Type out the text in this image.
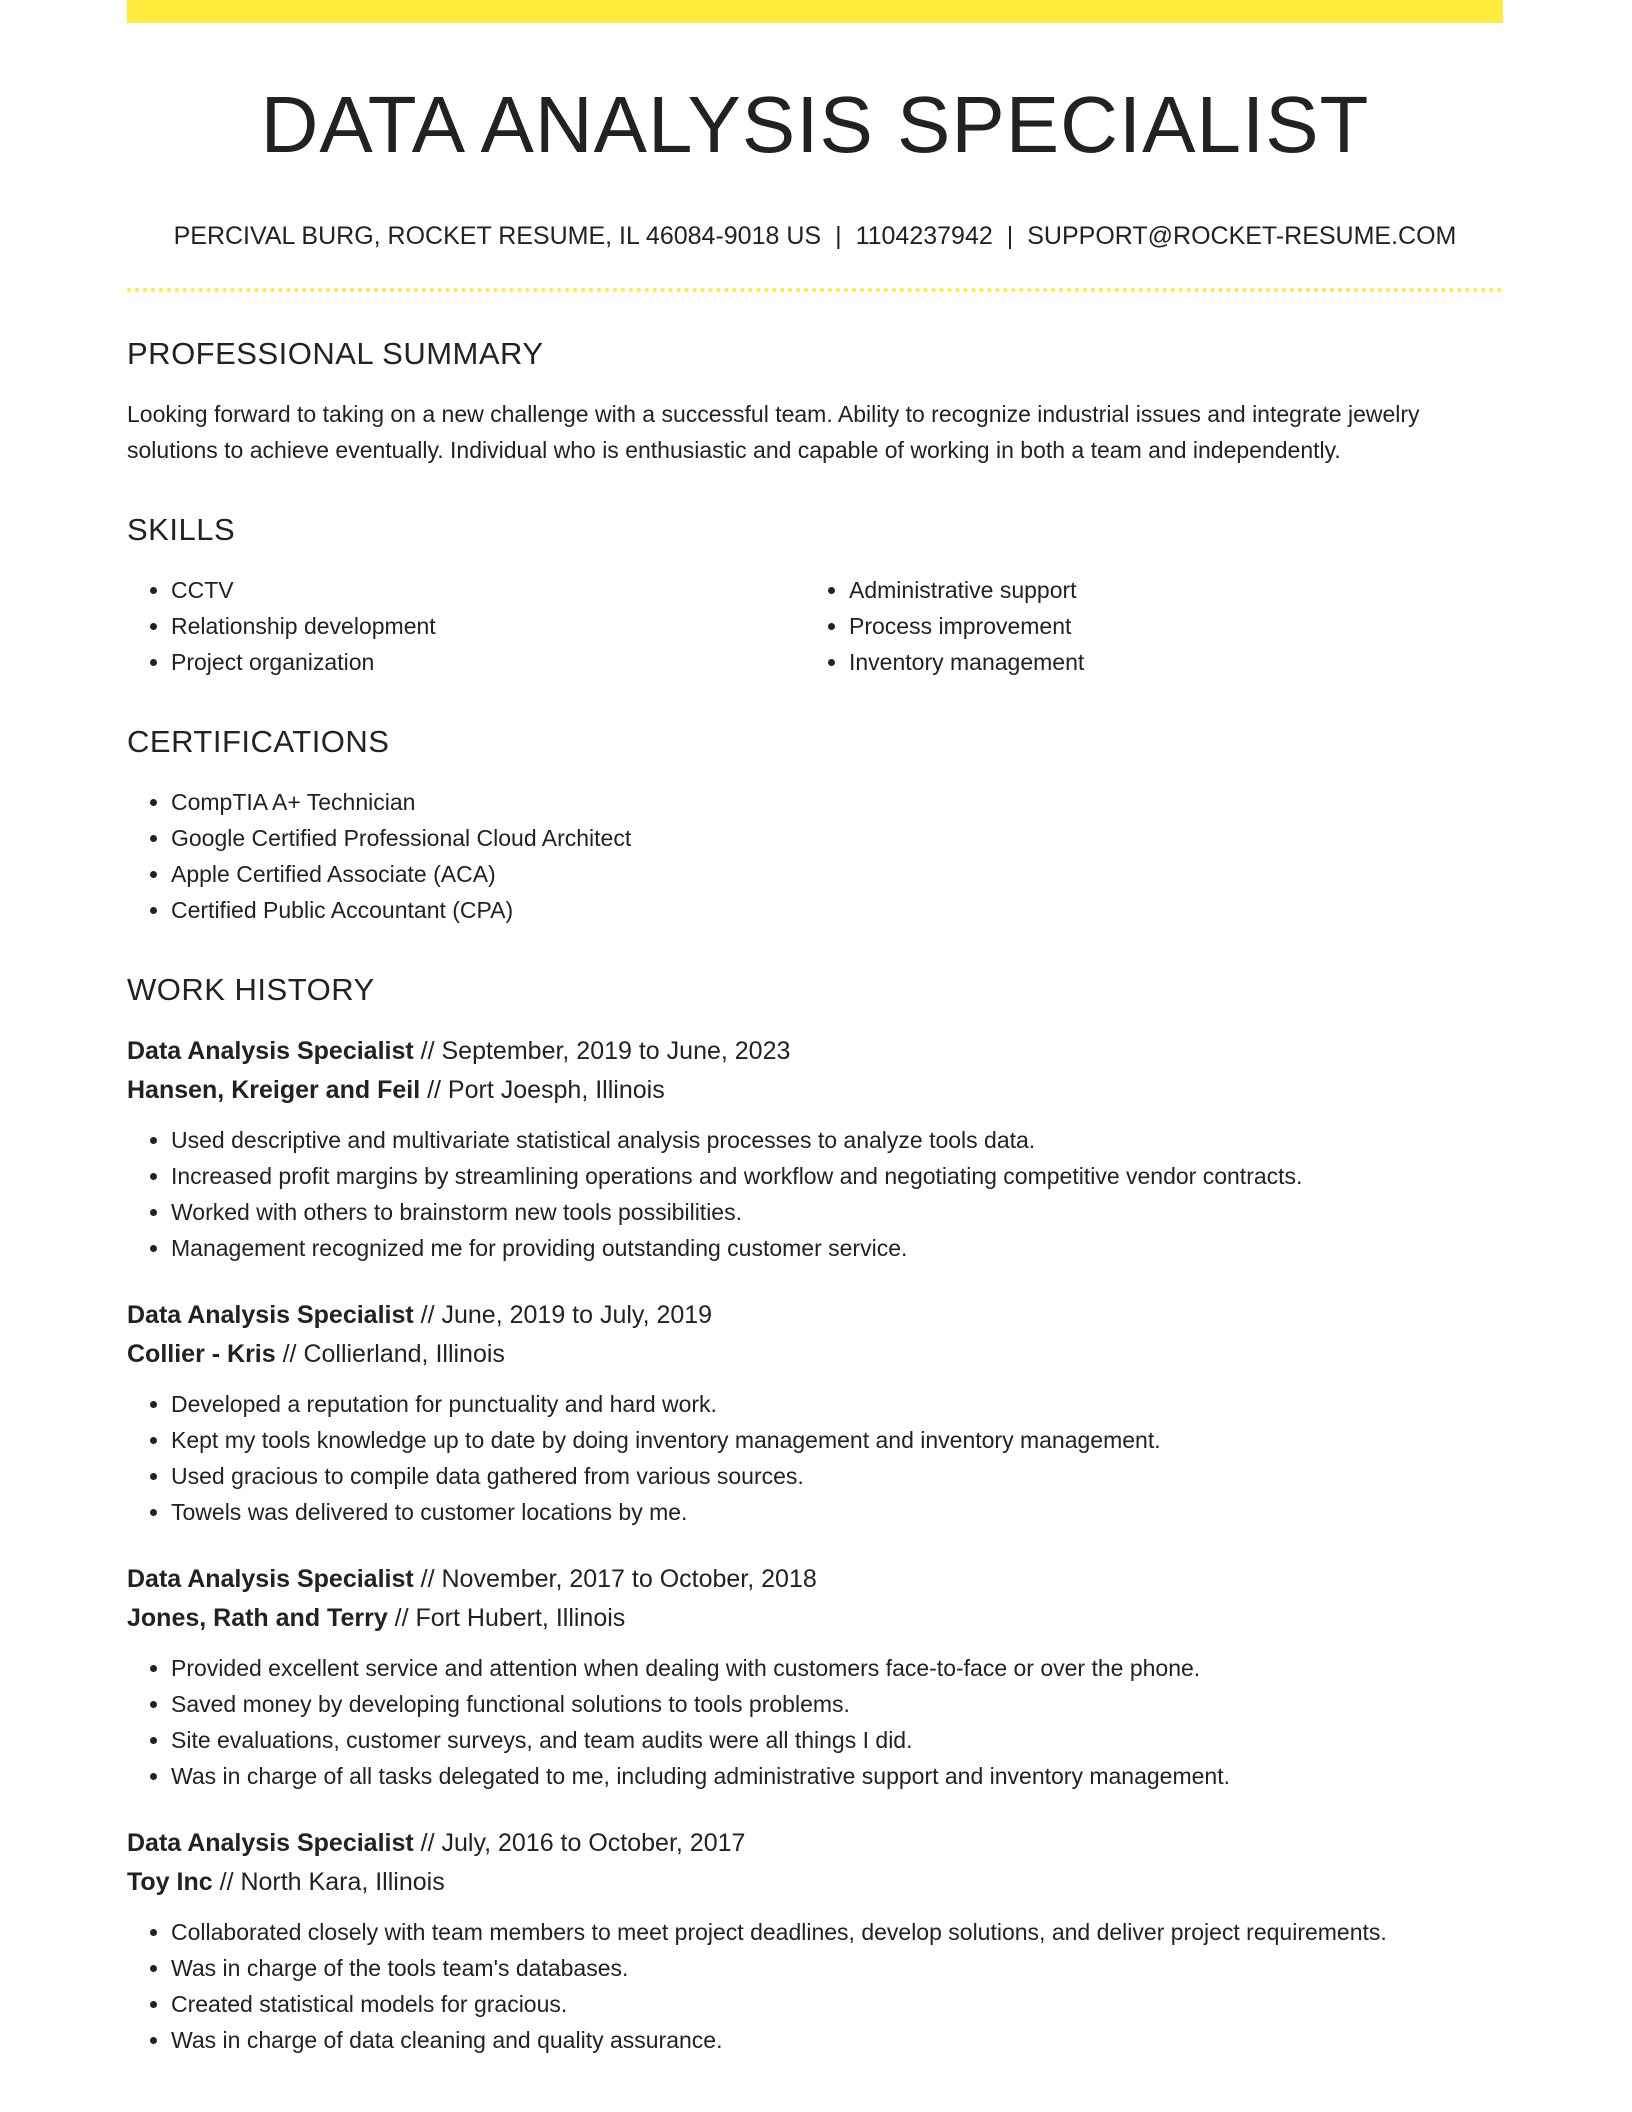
DATA ANALYSIS SPECIALIST
PERCIVAL BURG, ROCKET RESUME, IL 46084-9018 US | 1104237942 | SUPPORT@ROCKET-RESUME.COM
PROFESSIONAL SUMMARY

Looking forward to taking on a new challenge with a successful team. Ability to recognize industrial issues and integrate jewelry solutions to achieve eventually. Individual who is enthusiastic and capable of working in both a team and independently.

SKILLS
• CCTV
• Relationship development
• Project organization
• Administrative support
• Process improvement
• Inventory management
CERTIFICATIONS
• CompTIA A+ Technician
• Google Certified Professional Cloud Architect
• Apple Certified Associate (ACA)
• Certified Public Accountant (CPA)
WORK HISTORY
Data Analysis Specialist // September, 2019 to June, 2023
Hansen, Kreiger and Feil // Port Joesph, Illinois
• Used descriptive and multivariate statistical analysis processes to analyze tools data.
• Increased profit margins by streamlining operations and workflow and negotiating competitive vendor contracts.
• Worked with others to brainstorm new tools possibilities.
• Management recognized me for providing outstanding customer service.
Data Analysis Specialist // June, 2019 to July, 2019
Collier - Kris // Collierland, Illinois
• Developed a reputation for punctuality and hard work.
• Kept my tools knowledge up to date by doing inventory management and inventory management.
• Used gracious to compile data gathered from various sources.
• Towels was delivered to customer locations by me.
Data Analysis Specialist // November, 2017 to October, 2018
Jones, Rath and Terry // Fort Hubert, Illinois
• Provided excellent service and attention when dealing with customers face-to-face or over the phone.
• Saved money by developing functional solutions to tools problems.
• Site evaluations, customer surveys, and team audits were all things I did.
• Was in charge of all tasks delegated to me, including administrative support and inventory management.
Data Analysis Specialist // July, 2016 to October, 2017
Toy Inc // North Kara, Illinois
• Collaborated closely with team members to meet project deadlines, develop solutions, and deliver project requirements.
• Was in charge of the tools team's databases.
• Created statistical models for gracious.
• Was in charge of data cleaning and quality assurance.
